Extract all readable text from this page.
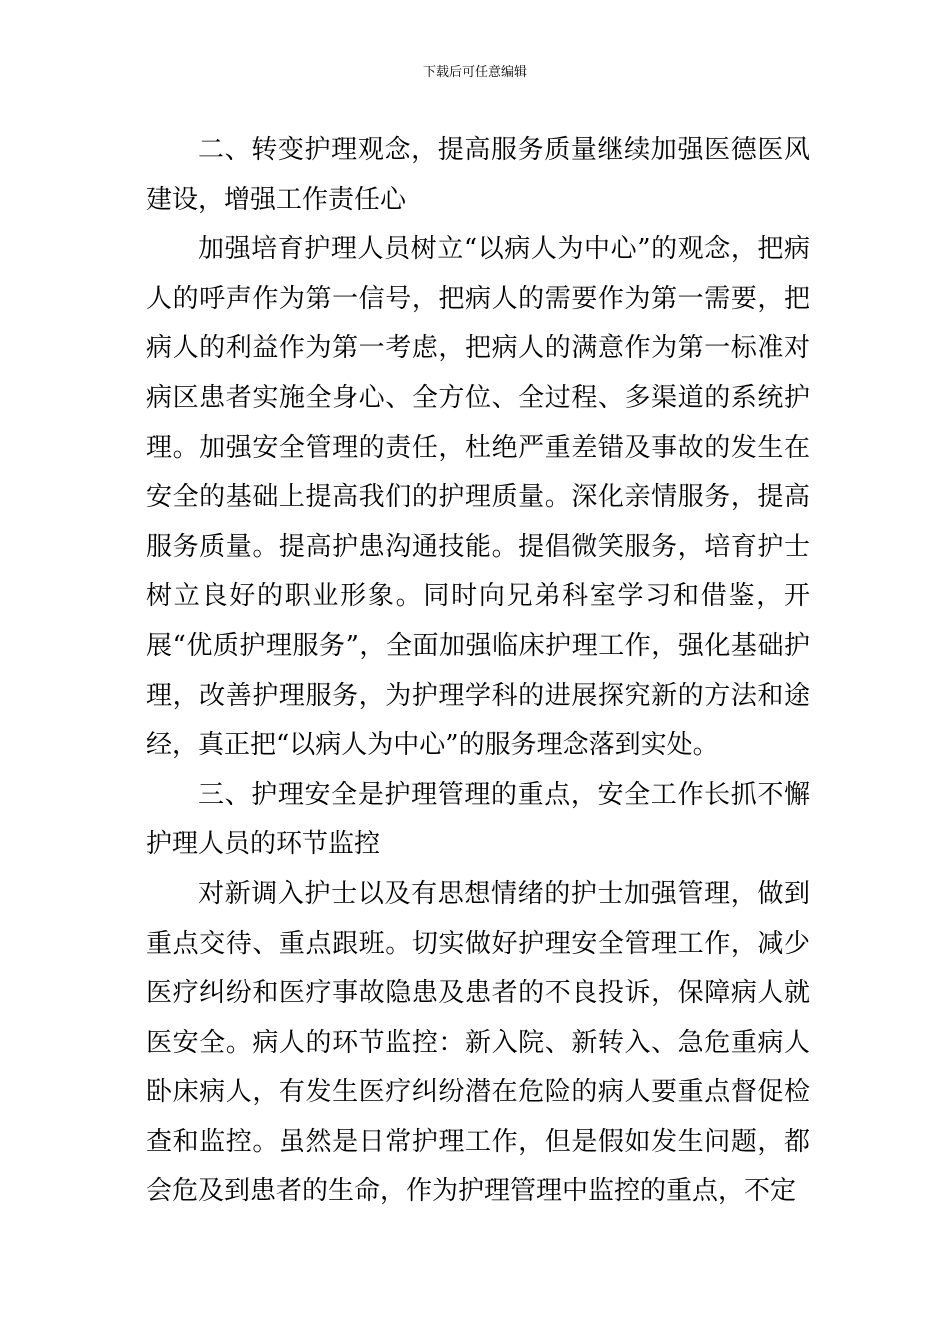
下载后可任意编辑

二、转变护理观念，提高服务质量继续加强医德医风建设，增强工作责任心

加强培育护理人员树立“以病人为中心”的观念，把病人的呼声作为第一信号，把病人的需要作为第一需要，把病人的利益作为第一考虑，把病人的满意作为第一标准对病区患者实施全身心、全方位、全过程、多渠道的系统护理。加强安全管理的责任，杜绝严重差错及事故的发生在安全的基础上提高我们的护理质量。深化亲情服务，提高服务质量。提高护患沟通技能。提倡微笑服务，培育护士树立良好的职业形象。同时向兄弟科室学习和借鉴，开展“优质护理服务”，全面加强临床护理工作，强化基础护理，改善护理服务，为护理学科的进展探究新的方法和途经，真正把“以病人为中心”的服务理念落到实处。

三、护理安全是护理管理的重点，安全工作长抓不懈护理人员的环节监控

对新调入护士以及有思想情绪的护士加强管理，做到重点交待、重点跟班。切实做好护理安全管理工作，减少医疗纠纷和医疗事故隐患及患者的不良投诉，保障病人就医安全。病人的环节监控：新入院、新转入、急危重病人卧床病人，有发生医疗纠纷潜在危险的病人要重点督促检查和监控。虽然是日常护理工作，但是假如发生问题，都会危及到患者的生命，作为护理管理中监控的重点，不定
